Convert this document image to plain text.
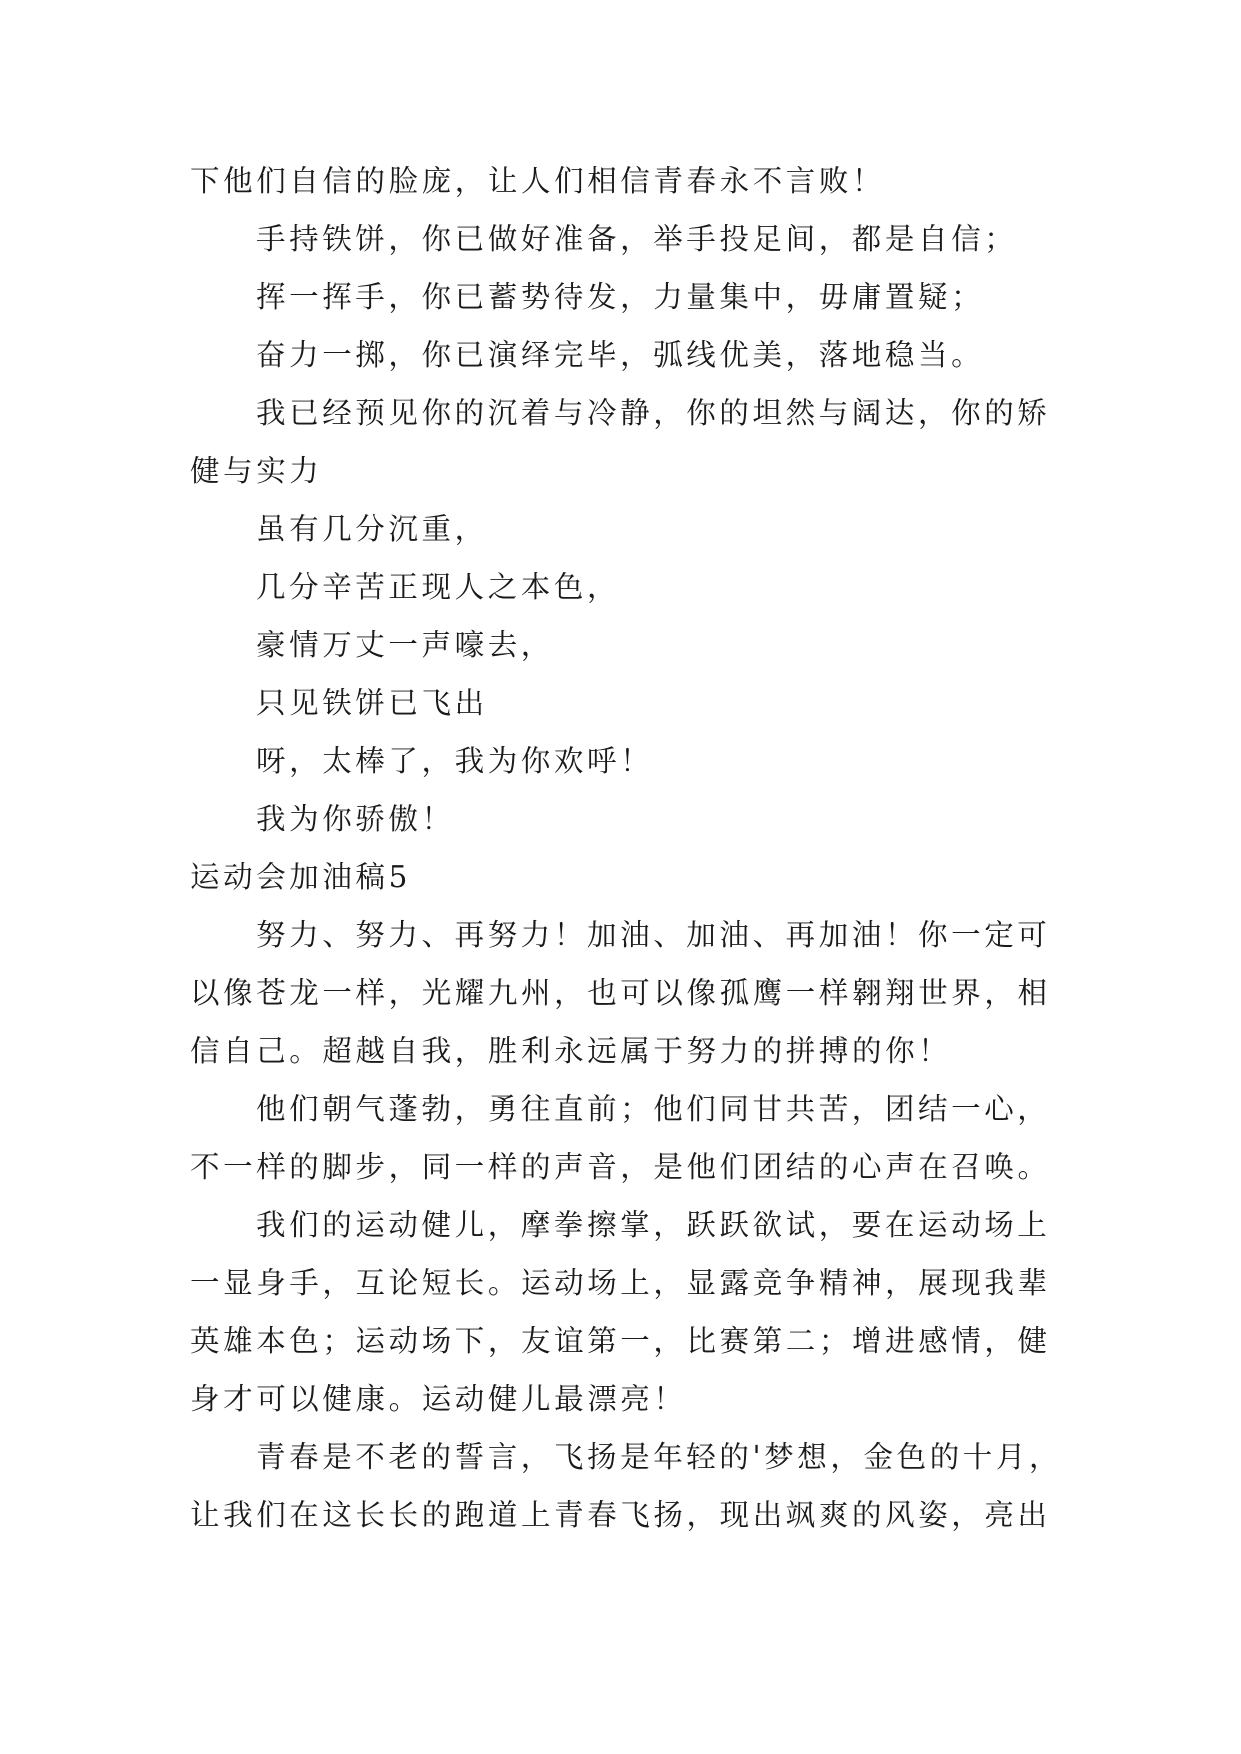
下他们自信的脸庞，让人们相信青春永不言败！
手持铁饼，你已做好准备，举手投足间，都是自信；
挥一挥手，你已蓄势待发，力量集中，毋庸置疑；
奋力一掷，你已演绎完毕，弧线优美，落地稳当。
我已经预见你的沉着与冷静，你的坦然与阔达，你的矫
健与实力
虽有几分沉重，
几分辛苦正现人之本色，
豪情万丈一声嚎去，
只见铁饼已飞出
呀，太棒了，我为你欢呼！
我为你骄傲！
运动会加油稿5
努力、努力、再努力！加油、加油、再加油！你一定可
以像苍龙一样，光耀九州，也可以像孤鹰一样翱翔世界，相
信自己。超越自我，胜利永远属于努力的拼搏的你！
他们朝气蓬勃，勇往直前；他们同甘共苦，团结一心，
不一样的脚步，同一样的声音，是他们团结的心声在召唤。
我们的运动健儿，摩拳擦掌，跃跃欲试，要在运动场上
一显身手，互论短长。运动场上，显露竞争精神，展现我辈
英雄本色；运动场下，友谊第一，比赛第二；增进感情，健
身才可以健康。运动健儿最漂亮！
青春是不老的誓言，飞扬是年轻的'梦想，金色的十月，
让我们在这长长的跑道上青春飞扬，现出飒爽的风姿，亮出
